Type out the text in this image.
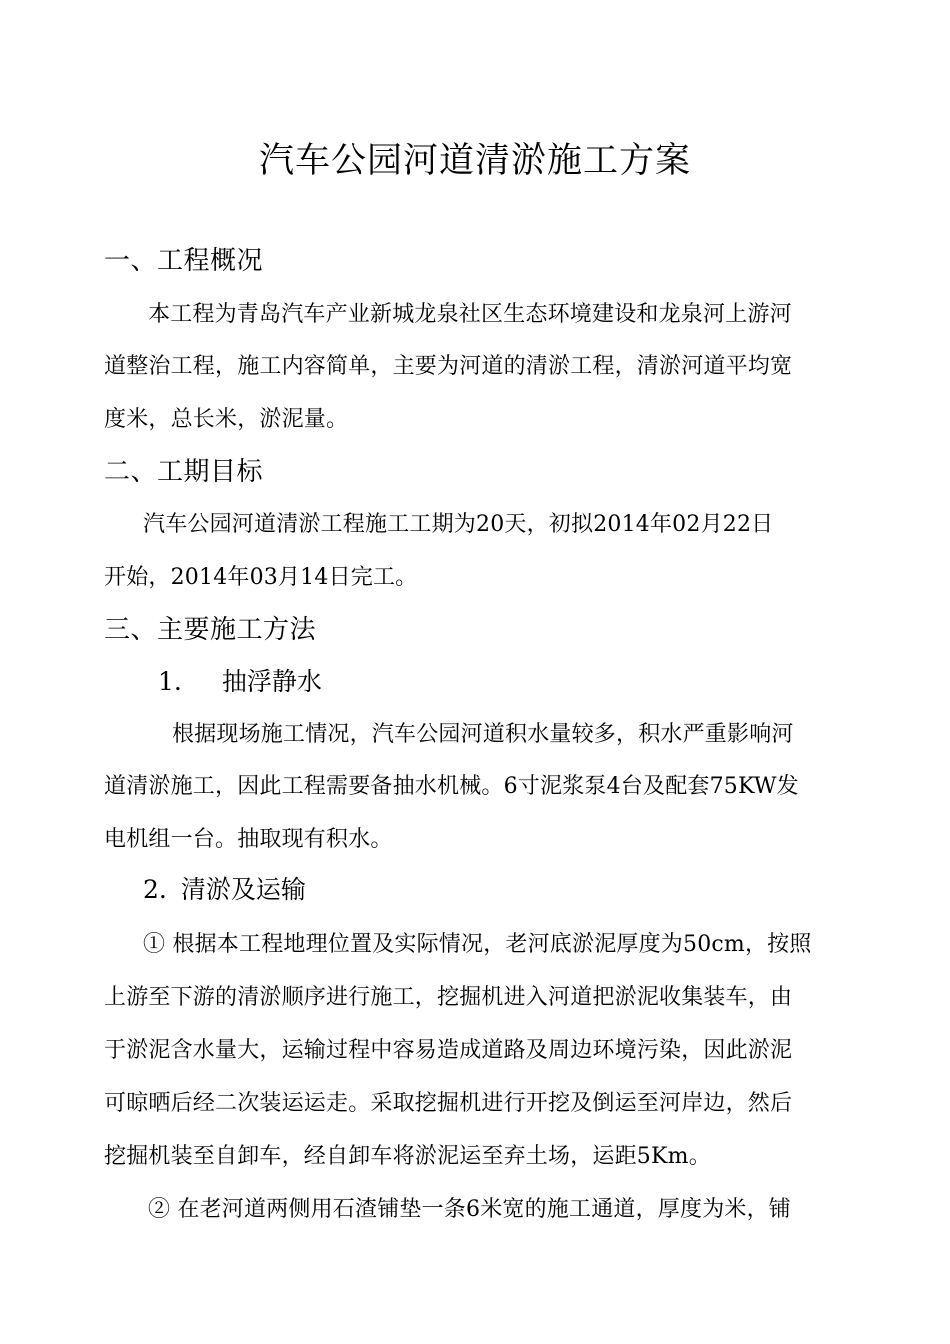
汽车公园河道清淤施工方案
一、工程概况

本工程为青岛汽车产业新城龙泉社区生态环境建设和龙泉河上游河

道整治工程，施工内容简单，主要为河道的清淤工程，清淤河道平均宽

度米，总长米，淤泥量。

二、工期目标

汽车公园河道清淤工程施工工期为20天，初拟2014年02月22日

开始，2014年03月14日完工。

三、主要施工方法
1. 抽浮静水

根据现场施工情况，汽车公园河道积水量较多，积水严重影响河

道清淤施工，因此工程需要备抽水机械。6寸泥浆泵4台及配套75KW发

电机组一台。抽取现有积水。

2. 清淤及运输

① 根据本工程地理位置及实际情况，老河底淤泥厚度为50cm，按照

上游至下游的清淤顺序进行施工，挖掘机进入河道把淤泥收集装车，由

于淤泥含水量大，运输过程中容易造成道路及周边环境污染，因此淤泥

可晾晒后经二次装运运走。采取挖掘机进行开挖及倒运至河岸边，然后

挖掘机装至自卸车，经自卸车将淤泥运至弃土场，运距5Km。

② 在老河道两侧用石渣铺垫一条6米宽的施工通道，厚度为米，铺
